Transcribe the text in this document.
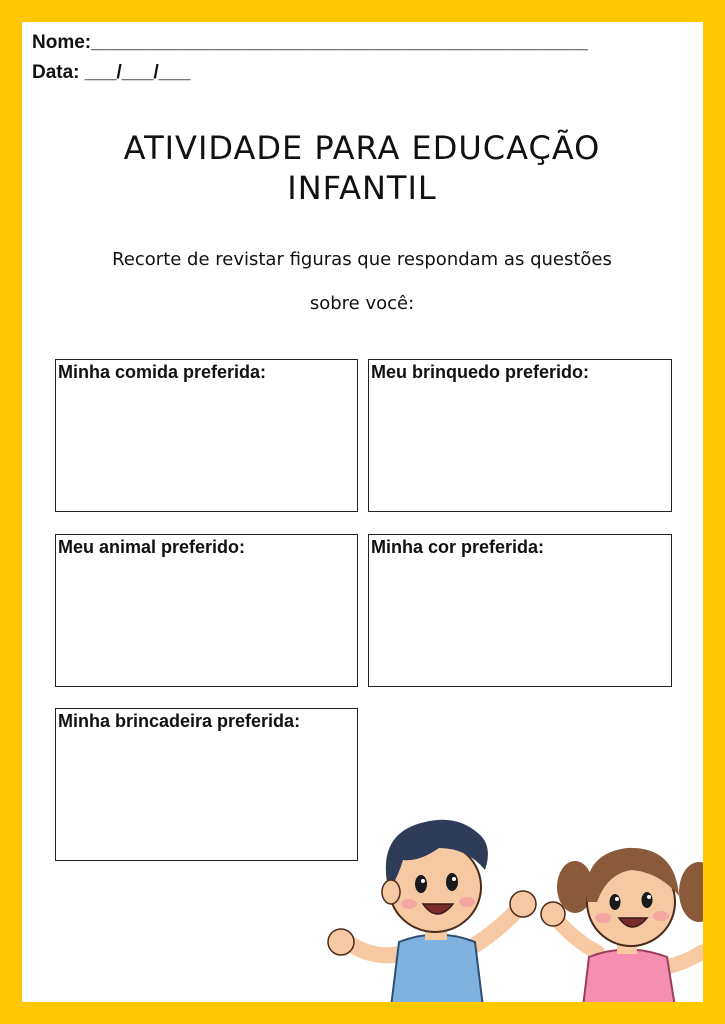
Nome:_______________________________________________
Data: ___/___/___
ATIVIDADE PARA EDUCAÇÃO
INFANTIL
Recorte de revistar figuras que respondam as questões
sobre você:
Minha comida preferida:	Meu brinquedo preferido:
Meu animal preferido:	Minha cor preferida:
Minha brincadeira preferida:
